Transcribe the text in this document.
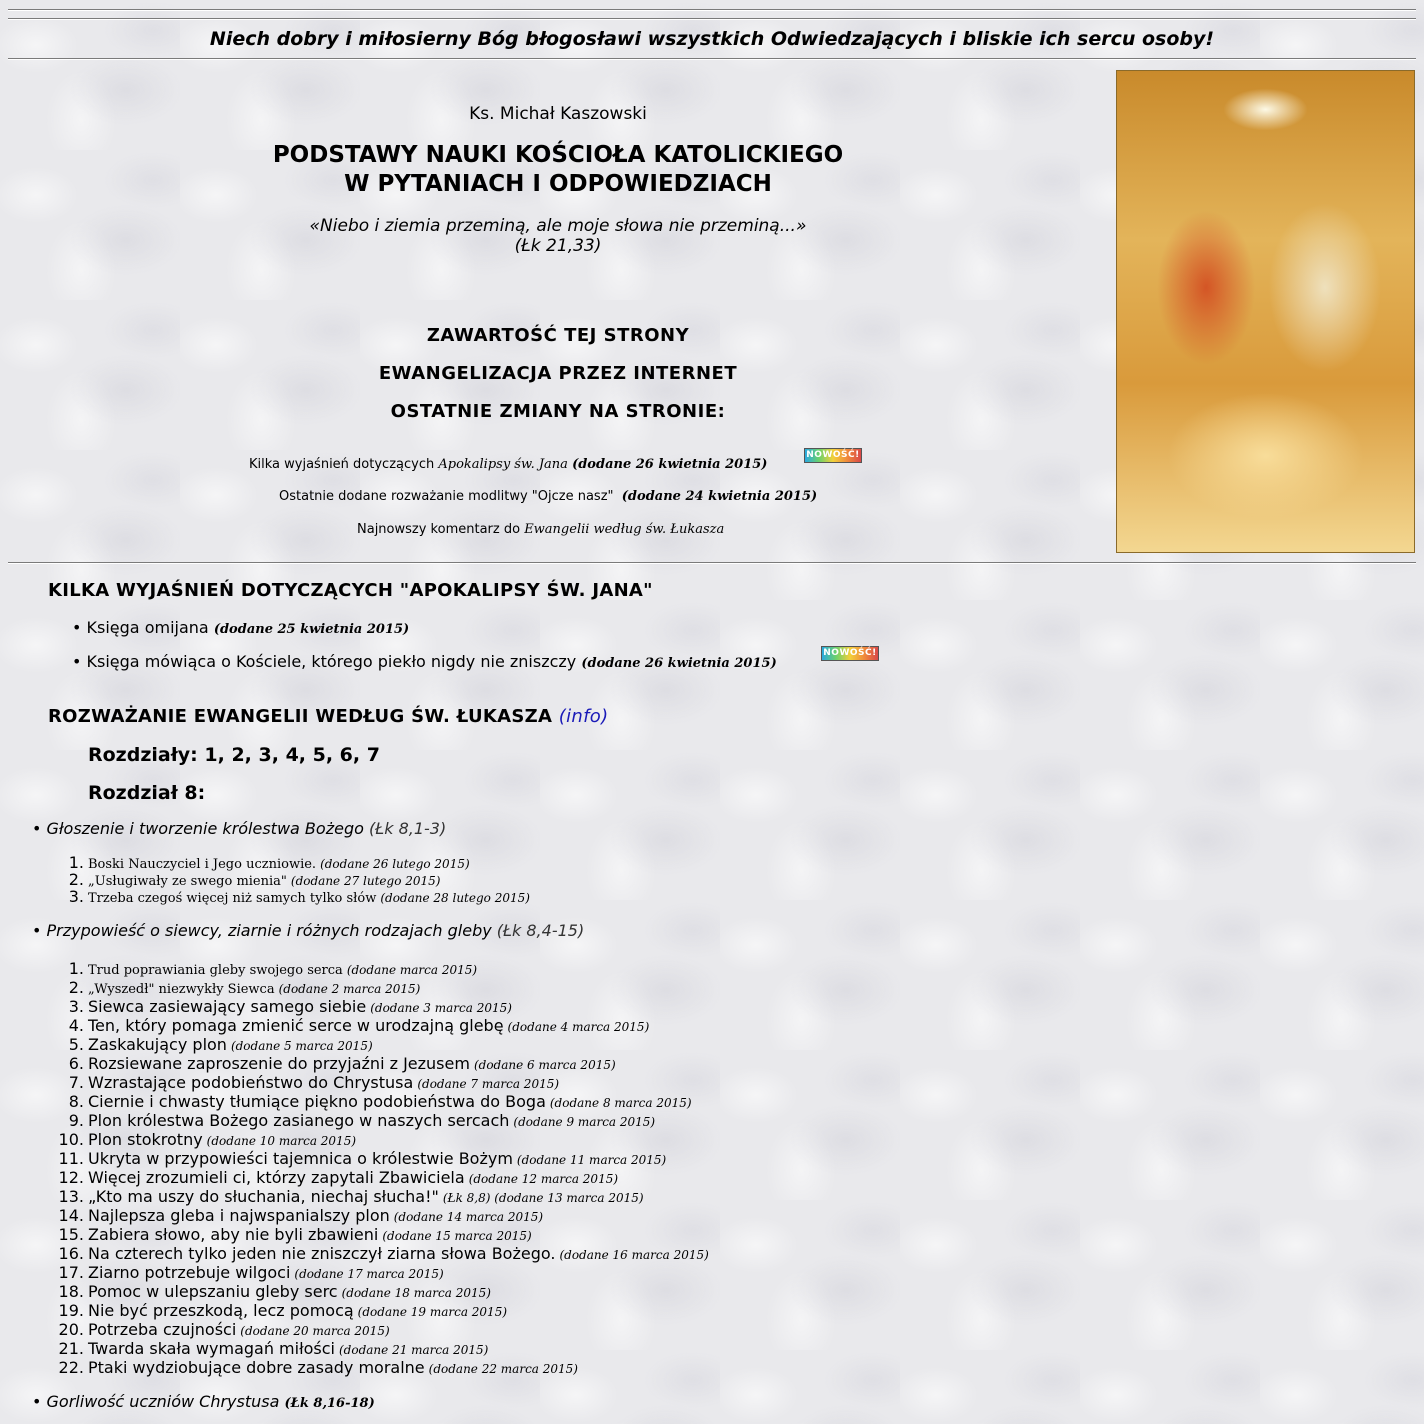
Niech dobry i miłosierny Bóg błogosławi wszystkich Odwiedzających i bliskie ich sercu osoby!
Ks. Michał Kaszowski
PODSTAWY NAUKI KOŚCIOŁA KATOLICKIEGO
W PYTANIACH I ODPOWIEDZIACH
«Niebo i ziemia przeminą, ale moje słowa nie przeminą...»
(Łk 21,33)
ZAWARTOŚĆ TEJ STRONY
EWANGELIZACJA PRZEZ INTERNET
OSTATNIE ZMIANY NA STRONIE:
Kilka wyjaśnień dotyczących Apokalipsy św. Jana (dodane 26 kwietnia 2015)
NOWOŚĆ!
Ostatnie dodane rozważanie modlitwy "Ojcze nasz" (dodane 24 kwietnia 2015)
Najnowszy komentarz do Ewangelii według św. Łukasza
KILKA WYJAŚNIEŃ DOTYCZĄCYCH "APOKALIPSY ŚW. JANA"
• Księga omijana (dodane 25 kwietnia 2015)
• Księga mówiąca o Kościele, którego piekło nigdy nie zniszczy (dodane 26 kwietnia 2015)
NOWOŚĆ!
ROZWAŻANIE EWANGELII WEDŁUG ŚW. ŁUKASZA (info)
Rozdziały: 1, 2, 3, 4, 5, 6, 7
Rozdział 8:
• Głoszenie i tworzenie królestwa Bożego (Łk 8,1-3)
1. Boski Nauczyciel i Jego uczniowie. (dodane 26 lutego 2015)
2. „Usługiwały ze swego mienia" (dodane 27 lutego 2015)
3. Trzeba czegoś więcej niż samych tylko słów (dodane 28 lutego 2015)
• Przypowieść o siewcy, ziarnie i różnych rodzajach gleby (Łk 8,4-15)
1. Trud poprawiania gleby swojego serca (dodane marca 2015)
2. „Wyszedł" niezwykły Siewca (dodane 2 marca 2015)
3. Siewca zasiewający samego siebie (dodane 3 marca 2015)
4. Ten, który pomaga zmienić serce w urodzajną glebę (dodane 4 marca 2015)
5. Zaskakujący plon (dodane 5 marca 2015)
6. Rozsiewane zaproszenie do przyjaźni z Jezusem (dodane 6 marca 2015)
7. Wzrastające podobieństwo do Chrystusa (dodane 7 marca 2015)
8. Ciernie i chwasty tłumiące piękno podobieństwa do Boga (dodane 8 marca 2015)
9. Plon królestwa Bożego zasianego w naszych sercach (dodane 9 marca 2015)
10. Plon stokrotny (dodane 10 marca 2015)
11. Ukryta w przypowieści tajemnica o królestwie Bożym (dodane 11 marca 2015)
12. Więcej zrozumieli ci, którzy zapytali Zbawiciela (dodane 12 marca 2015)
13. „Kto ma uszy do słuchania, niechaj słucha!" (Łk 8,8) (dodane 13 marca 2015)
14. Najlepsza gleba i najwspanialszy plon (dodane 14 marca 2015)
15. Zabiera słowo, aby nie byli zbawieni (dodane 15 marca 2015)
16. Na czterech tylko jeden nie zniszczył ziarna słowa Bożego. (dodane 16 marca 2015)
17. Ziarno potrzebuje wilgoci (dodane 17 marca 2015)
18. Pomoc w ulepszaniu gleby serc (dodane 18 marca 2015)
19. Nie być przeszkodą, lecz pomocą (dodane 19 marca 2015)
20. Potrzeba czujności (dodane 20 marca 2015)
21. Twarda skała wymagań miłości (dodane 21 marca 2015)
22. Ptaki wydziobujące dobre zasady moralne (dodane 22 marca 2015)
• Gorliwość uczniów Chrystusa (Łk 8,16-18)
